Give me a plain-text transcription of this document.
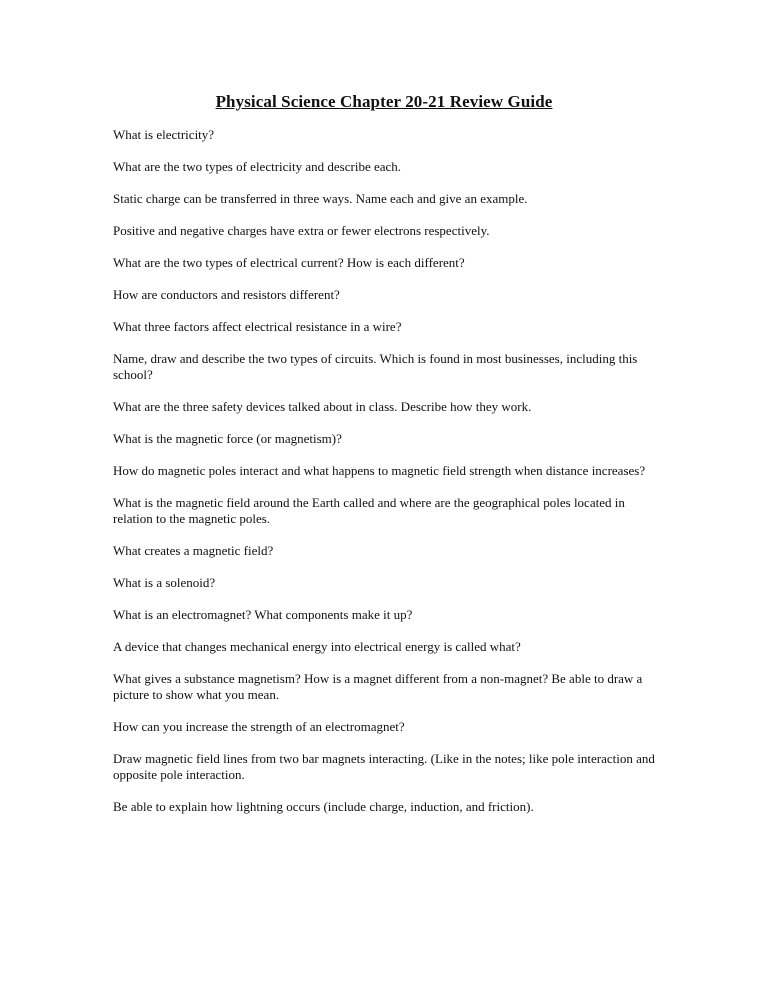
Physical Science Chapter 20-21 Review Guide
What is electricity?
What are the two types of electricity and describe each.
Static charge can be transferred in three ways. Name each and give an example.
Positive and negative charges have extra or fewer electrons respectively.
What are the two types of electrical current? How is each different?
How are conductors and resistors different?
What three factors affect electrical resistance in a wire?
Name, draw and describe the two types of circuits. Which is found in most businesses, including this school?
What are the three safety devices talked about in class. Describe how they work.
What is the magnetic force (or magnetism)?
How do magnetic poles interact and what happens to magnetic field strength when distance increases?
What is the magnetic field around the Earth called and where are the geographical poles located in relation to the magnetic poles.
What creates a magnetic field?
What is a solenoid?
What is an electromagnet? What components make it up?
A device that changes mechanical energy into electrical energy is called what?
What gives a substance magnetism? How is a magnet different from a non-magnet? Be able to draw a picture to show what you mean.
How can you increase the strength of an electromagnet?
Draw magnetic field lines from two bar magnets interacting. (Like in the notes; like pole interaction and opposite pole interaction.
Be able to explain how lightning occurs (include charge, induction, and friction).
